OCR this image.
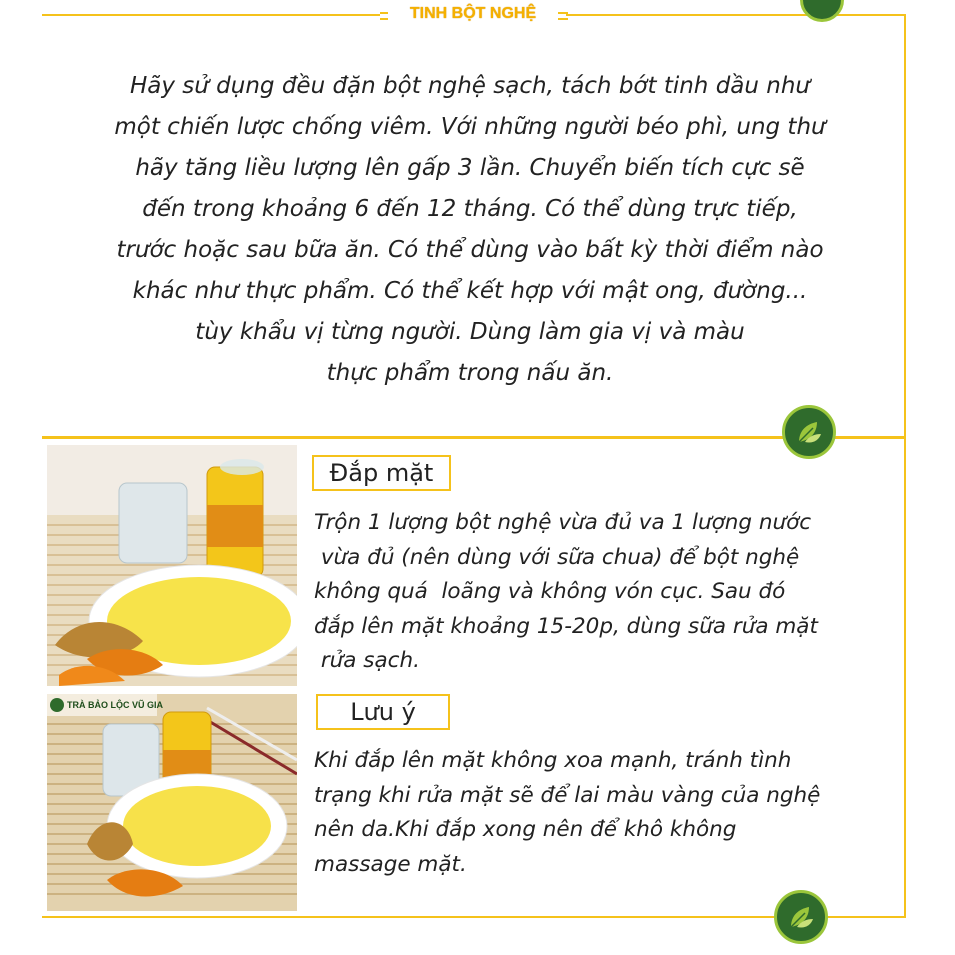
TINH BỘT NGHỆ

Hãy sử dụng đều đặn bột nghệ sạch, tách bớt tinh dầu như
một chiến lược chống viêm. Với những người béo phì, ung thư
hãy tăng liều lượng lên gấp 3 lần. Chuyển biến tích cực sẽ
đến trong khoảng 6 đến 12 tháng. Có thể dùng trực tiếp,
trước hoặc sau bữa ăn. Có thể dùng vào bất kỳ thời điểm nào
khác như thực phẩm. Có thể kết hợp với mật ong, đường...
tùy khẩu vị từng người. Dùng làm gia vị và màu
thực phẩm trong nấu ăn.

TRÀ BẢO LỘC VŨ GIA
Đắp mặt

Trộn 1 lượng bột nghệ vừa đủ va 1 lượng nước
vừa đủ (nên dùng với sữa chua) để bột nghệ
không quá  loãng và không vón cục. Sau đó
đắp lên mặt khoảng 15-20p, dùng sữa rửa mặt
rửa sạch.

Lưu ý

Khi đắp lên mặt không xoa mạnh, tránh tình
trạng khi rửa mặt sẽ để lai màu vàng của nghệ
nên da.Khi đắp xong nên để khô không
massage mặt.
